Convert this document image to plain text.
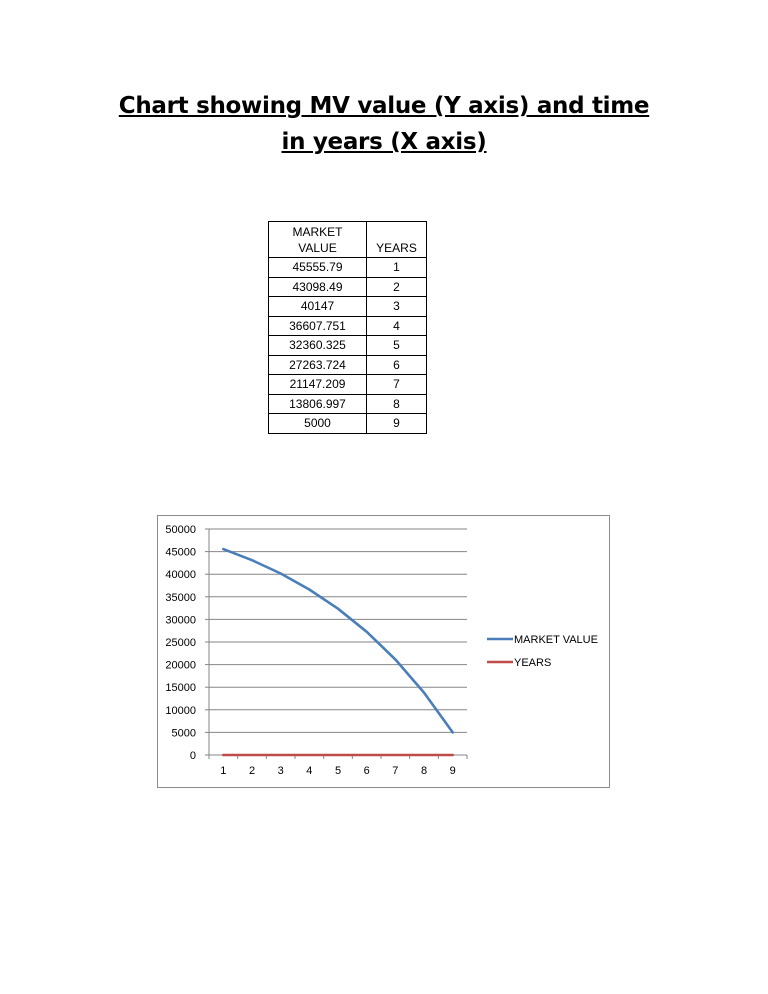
Chart showing MV value (Y axis) and time in years (X axis)
MARKET VALUE	YEARS
45555.79	1
43098.49	2
40147	3
36607.751	4
32360.325	5
27263.724	6
21147.209	7
13806.997	8
5000	9
0
5000
10000
15000
20000
25000
30000
35000
40000
45000
50000
1 2 3 4 5 6 7 8 9
MARKET VALUE
YEARS
